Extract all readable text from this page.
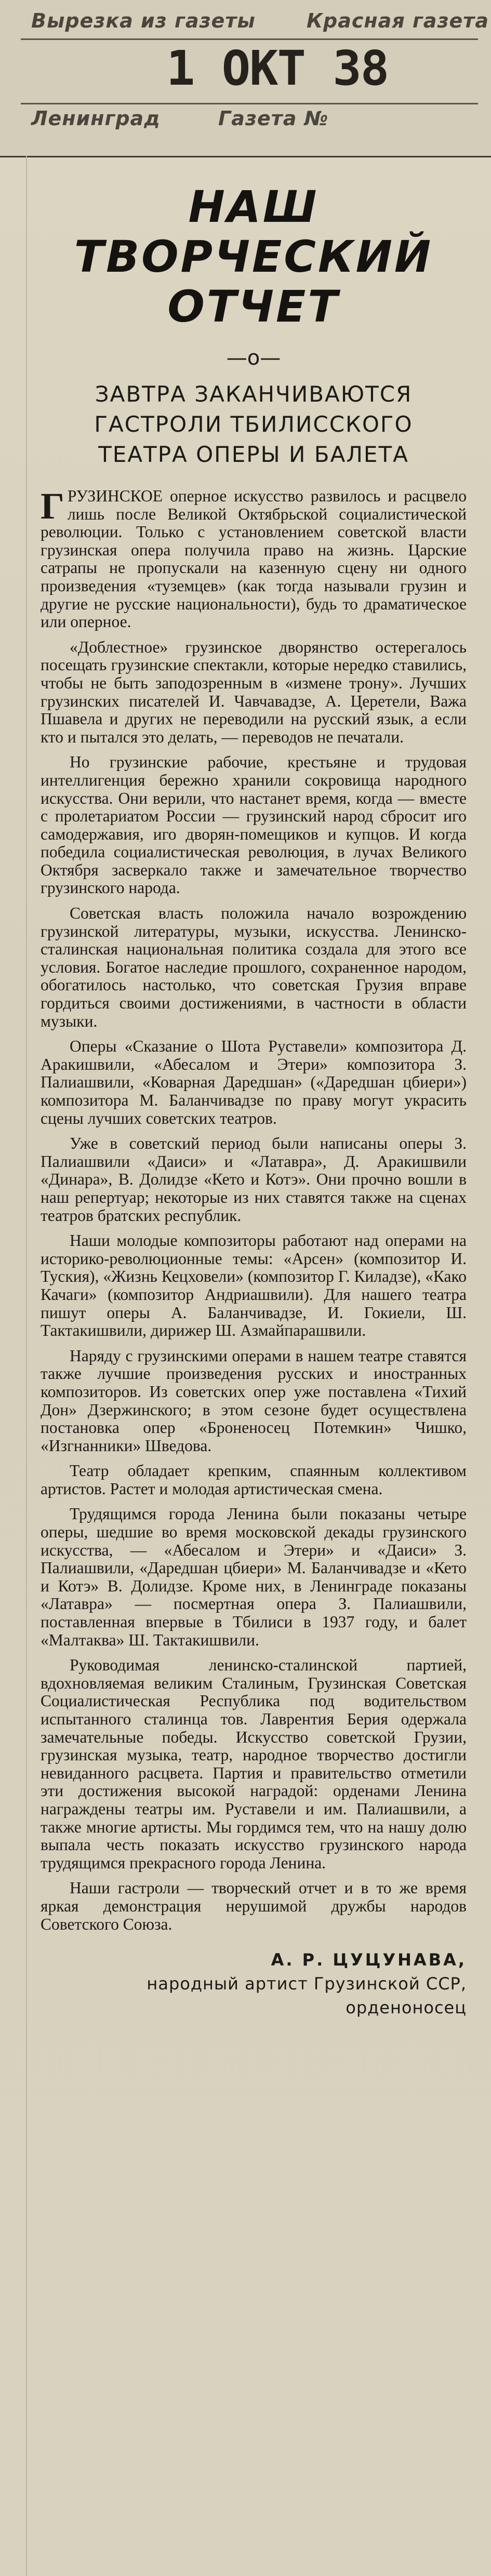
Вырезка из газеты	Красная газета
1 ОКТ 38
Ленинград	Газета №
НАШ ТВОРЧЕСКИЙ
ОТЧЕТ
—о—
ЗАВТРА ЗАКАНЧИВАЮТСЯ
ГАСТРОЛИ ТБИЛИССКОГО
ТЕАТРА ОПЕРЫ И БАЛЕТА

ГРУЗИНСКОЕ оперное искусство развилось и расцвело лишь после Великой Октябрьской социалистической революции. Только с установлением советской власти грузинская опера получила право на жизнь. Царские сатрапы не пропускали на казенную сцену ни одного произведения «туземцев» (как тогда называли грузин и другие не русские национальности), будь то драматическое или оперное.

«Доблестное» грузинское дворянство остерегалось посещать грузинские спектакли, которые нередко ставились, чтобы не быть заподозренным в «измене трону». Лучших грузинских писателей И. Чавчавадзе, А. Церетели, Важа Пшавела и других не переводили на русский язык, а если кто и пытался это делать, — переводов не печатали.

Но грузинские рабочие, крестьяне и трудовая интеллигенция бережно хранили сокровища народного искусства. Они верили, что настанет время, когда — вместе с пролетариатом России — грузинский народ сбросит иго самодержавия, иго дворян-помещиков и купцов. И когда победила социалистическая революция, в лучах Великого Октября засверкало также и замечательное творчество грузинского народа.

Советская власть положила начало возрождению грузинской литературы, музыки, искусства. Ленинско-сталинская национальная политика создала для этого все условия. Богатое наследие прошлого, сохраненное народом, обогатилось настолько, что советская Грузия вправе гордиться своими достижениями, в частности в области музыки.

Оперы «Сказание о Шота Руставели» композитора Д. Аракишвили, «Абесалом и Этери» композитора З. Палиашвили, «Коварная Даредшан» («Даредшан цбиери») композитора М. Баланчивадзе по праву могут украсить сцены лучших советских театров.

Уже в советский период были написаны оперы З. Палиашвили «Даиси» и «Латавра», Д. Аракишвили «Динара», В. Долидзе «Кето и Котэ». Они прочно вошли в наш репертуар; некоторые из них ставятся также на сценах театров братских республик.

Наши молодые композиторы работают над операми на историко-революционные темы: «Арсен» (композитор И. Туския), «Жизнь Кецховели» (композитор Г. Киладзе), «Како Качаги» (композитор Андриашвили). Для нашего театра пишут оперы А. Баланчивадзе, И. Гокиели, Ш. Тактакишвили, дирижер Ш. Азмайпарашвили.

Наряду с грузинскими операми в нашем театре ставятся также лучшие произведения русских и иностранных композиторов. Из советских опер уже поставлена «Тихий Дон» Дзержинского; в этом сезоне будет осуществлена постановка опер «Броненосец Потемкин» Чишко, «Изгнанники» Шведова.

Театр обладает крепким, спаянным коллективом артистов. Растет и молодая артистическая смена.

Трудящимся города Ленина были показаны четыре оперы, шедшие во время московской декады грузинского искусства, — «Абесалом и Этери» и «Даиси» З. Палиашвили, «Даредшан цбиери» М. Баланчивадзе и «Кето и Котэ» В. Долидзе. Кроме них, в Ленинграде показаны «Латавра» — посмертная опера З. Палиашвили, поставленная впервые в Тбилиси в 1937 году, и балет «Малтаква» Ш. Тактакишвили.

Руководимая ленинско-сталинской партией, вдохновляемая великим Сталиным, Грузинская Советская Социалистическая Республика под водительством испытанного сталинца тов. Лаврентия Берия одержала замечательные победы. Искусство советской Грузии, грузинская музыка, театр, народное творчество достигли невиданного расцвета. Партия и правительство отметили эти достижения высокой наградой: орденами Ленина награждены театры им. Руставели и им. Палиашвили, а также многие артисты. Мы гордимся тем, что на нашу долю выпала честь показать искусство грузинского народа трудящимся прекрасного города Ленина.

Наши гастроли — творческий отчет и в то же время яркая демонстрация нерушимой дружбы народов Советского Союза.

А. Р. ЦУЦУНАВА,
народный артист Грузинской ССР,
орденоносец
